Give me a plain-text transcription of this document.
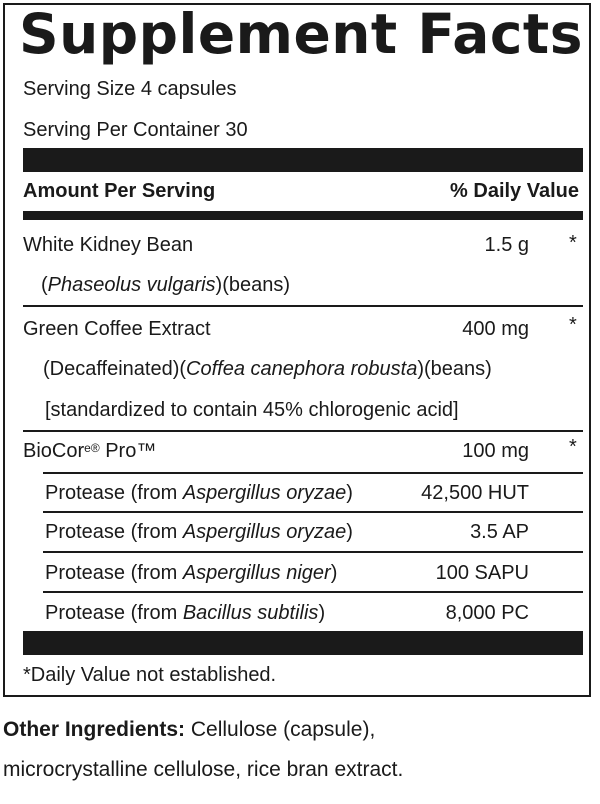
Supplement Facts
Serving Size 4 capsules
Serving Per Container 30
Amount Per Serving	% Daily Value
White Kidney Bean	1.5 g *
(Phaseolus vulgaris)(beans)
Green Coffee Extract	400 mg *
(Decaffeinated)(Coffea canephora robusta)(beans)
[standardized to contain 45% chlorogenic acid]
BioCor$^{e®}$ Pro™	100 mg *
Protease (from Aspergillus oryzae)	42,500 HUT
Protease (from Aspergillus oryzae)	3.5 AP
Protease (from Aspergillus niger)	100 SAPU
Protease (from Bacillus subtilis)	8,000 PC
*Daily Value not established.
Other Ingredients: Cellulose (capsule),
microcrystalline cellulose, rice bran extract.
